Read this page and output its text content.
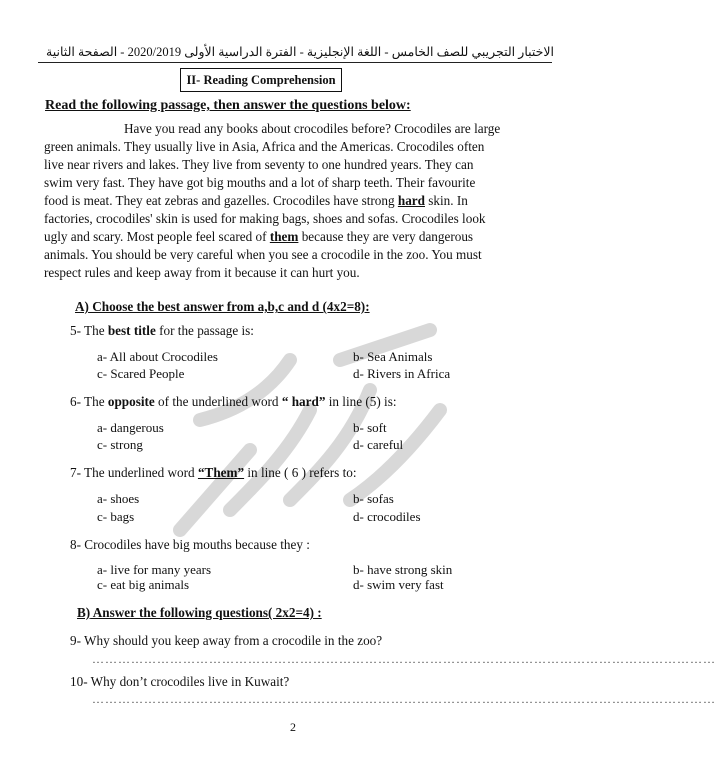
الاختبار التجريبي للصف الخامس - اللغة الإنجليزية - الفترة الدراسية الأولى 2020/2019 - الصفحة الثانية
II- Reading Comprehension
Read the following passage, then answer the questions below:
Have you read any books about crocodiles before? Crocodiles are large
green animals. They usually live in Asia, Africa and the Americas. Crocodiles often
live near rivers and lakes. They live from seventy to one hundred years. They can
swim very fast. They have got big mouths and a lot of sharp teeth. Their favourite
food is meat. They eat zebras and gazelles. Crocodiles have strong hard skin. In
factories, crocodiles' skin is used for making bags, shoes and sofas. Crocodiles look
ugly and scary. Most people feel scared of them because they are very dangerous
animals. You should be very careful when you see a crocodile in the zoo. You must
respect rules and keep away from it because it can hurt you.
A) Choose the best answer from a,b,c and d (4x2=8):
5- The best title for the passage is:
a- All about Crocodiles	b- Sea Animals
c- Scared People	d- Rivers in Africa
6- The opposite of the underlined word “ hard” in line (5) is:
a- dangerous	b- soft
c- strong	d- careful
7- The underlined word “Them” in line ( 6 ) refers to:
a- shoes	b- sofas
c- bags	d- crocodiles
8- Crocodiles have big mouths because they :
a- live for many years	b- have strong skin
c- eat big animals	d- swim very fast
B) Answer the following questions( 2x2=4) :
9- Why should you keep away from a crocodile in the zoo?
………………………………………………………………………………………………………………………………
10- Why don’t crocodiles live in Kuwait?
………………………………………………………………………………………………………………………………
2
